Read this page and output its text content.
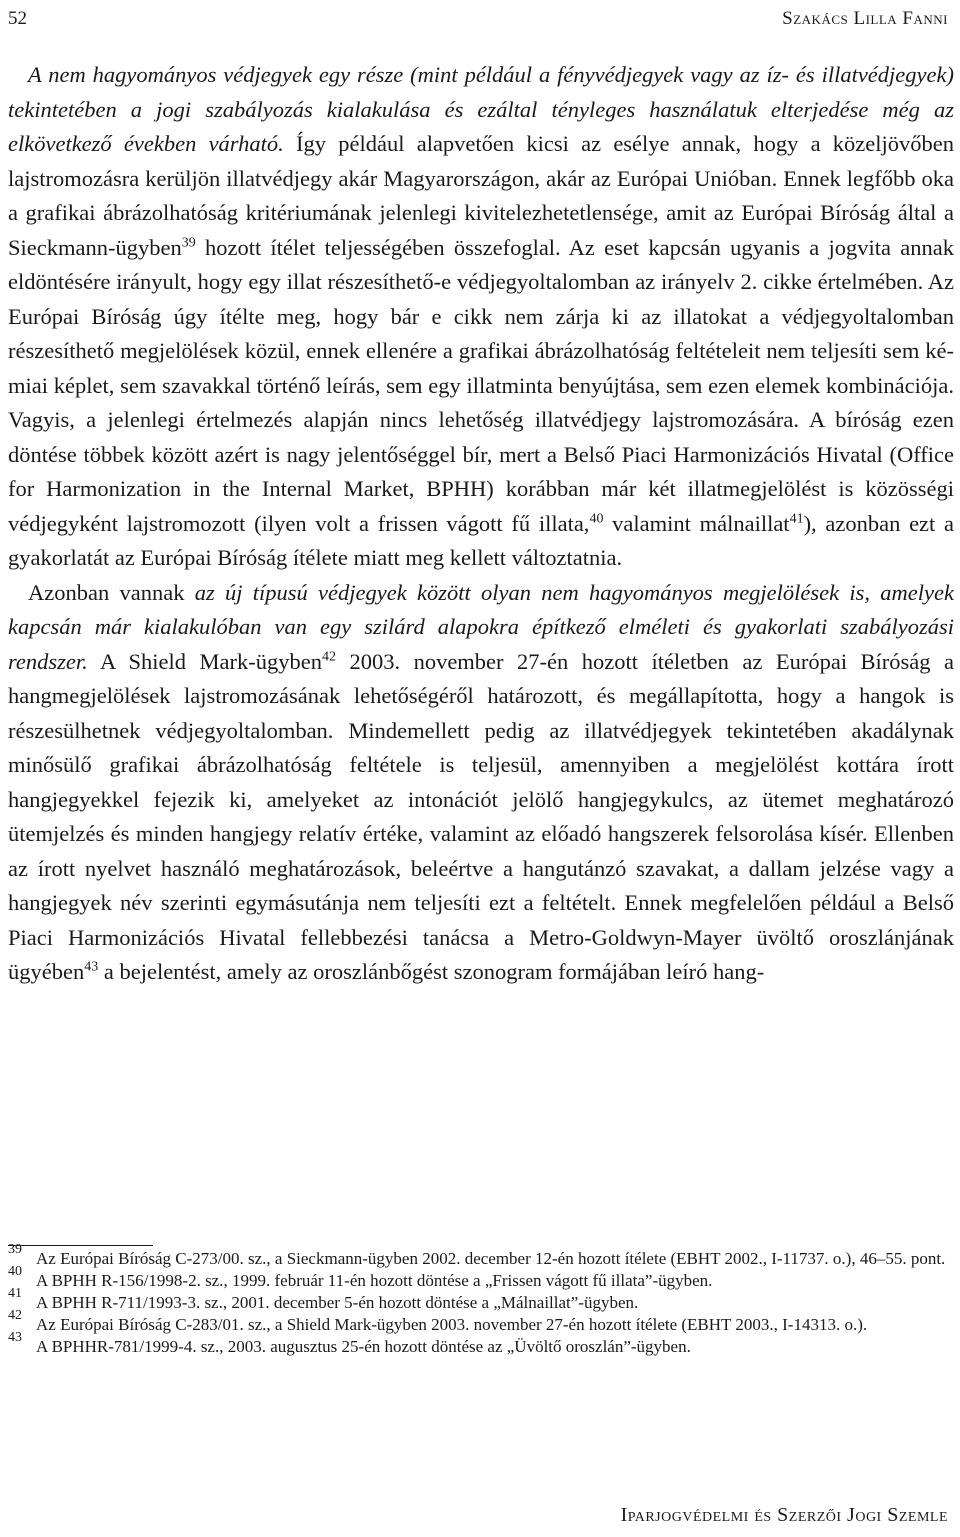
52	Szakács Lilla Fanni

A nem hagyományos védjegyek egy része (mint például a fényvédjegyek vagy az íz- és illatvédjegyek) tekintetében a jogi szabályozás kialakulása és ezáltal tényleges használatuk elterjedése még az elkövetkező években várható. Így például alapvetően kicsi az esélye annak, hogy a közeljövőben lajstromozásra kerüljön illatvédjegy akár Magyarországon, akár az Európai Unióban. Ennek legfőbb oka a grafikai ábrázolhatóság kritériumának jelenlegi kivitelezhetetlensége, amit az Európai Bíróság által a Sieckmann-ügyben$^{39}$ hozott ítélet teljességében összefoglal. Az eset kapcsán ugyanis a jogvita annak eldöntésére irányult, hogy egy illat részesíthető-e védjegyoltalomban az irányelv 2. cikke értelmében. Az Európai Bíróság úgy ítélte meg, hogy bár e cikk nem zárja ki az illatokat a védjegyoltalomban részesíthető megjelölések közül, ennek ellenére a grafikai ábrázolhatóság feltételeit nem teljesíti sem kémiai képlet, sem szavakkal történő leírás, sem egy illatminta benyújtása, sem ezen elemek kombinációja. Vagyis, a jelenlegi értelmezés alapján nincs lehetőség illatvédjegy lajstromozására. A bíróság ezen döntése többek között azért is nagy jelentőséggel bír, mert a Belső Piaci Harmonizációs Hivatal (Office for Harmonization in the Internal Market, BPHH) korábban már két illatmegjelölést is közösségi védjegyként lajstromozott (ilyen volt a frissen vágott fű illata,$^{40}$ valamint málnaillat$^{41}$), azonban ezt a gyakorlatát az Európai Bíróság ítélete miatt meg kellett változtatnia.

Azonban vannak az új típusú védjegyek között olyan nem hagyományos megjelölések is, amelyek kapcsán már kialakulóban van egy szilárd alapokra építkező elméleti és gyakorlati szabályozási rendszer. A Shield Mark-ügyben$^{42}$ 2003. november 27-én hozott ítéletben az Európai Bíróság a hangmegjelölések lajstromozásának lehetőségéről határozott, és megállapította, hogy a hangok is részesülhetnek védjegyoltalomban. Mindemellett pedig az illatvédjegyek tekintetében akadálynak minősülő grafikai ábrázolhatóság feltétele is teljesül, amennyiben a megjelölést kottára írott hangjegyekkel fejezik ki, amelyeket az intonációt jelölő hangjegykulcs, az ütemet meghatározó ütemjelzés és minden hangjegy relatív értéke, valamint az előadó hangszerek felsorolása kísér. Ellenben az írott nyelvet használó meghatározások, beleértve a hangutánzó szavakat, a dallam jelzése vagy a hangjegyek név szerinti egymásutánja nem teljesíti ezt a feltételt. Ennek megfelelően például a Belső Piaci Harmonizációs Hivatal fellebbezési tanácsa a Metro-Goldwyn-Mayer üvöltő oroszlánjának ügyében$^{43}$ a bejelentést, amely az oroszlánbőgést szonogram formájában leíró hang-

39 Az Európai Bíróság C-273/00. sz., a Sieckmann-ügyben 2002. december 12-én hozott ítélete (EBHT 2002., I-11737. o.), 46–55. pont.
40 A BPHH R-156/1998-2. sz., 1999. február 11-én hozott döntése a „Frissen vágott fű illata”-ügyben.
41 A BPHH R-711/1993-3. sz., 2001. december 5-én hozott döntése a „Málnaillat”-ügyben.
42 Az Európai Bíróság C-283/01. sz., a Shield Mark-ügyben 2003. november 27-én hozott ítélete (EBHT 2003., I-14313. o.).
43 A BPHHR-781/1999-4. sz., 2003. augusztus 25-én hozott döntése az „Üvöltő oroszlán”-ügyben.
Iparjogvédelmi és Szerzői Jogi Szemle
